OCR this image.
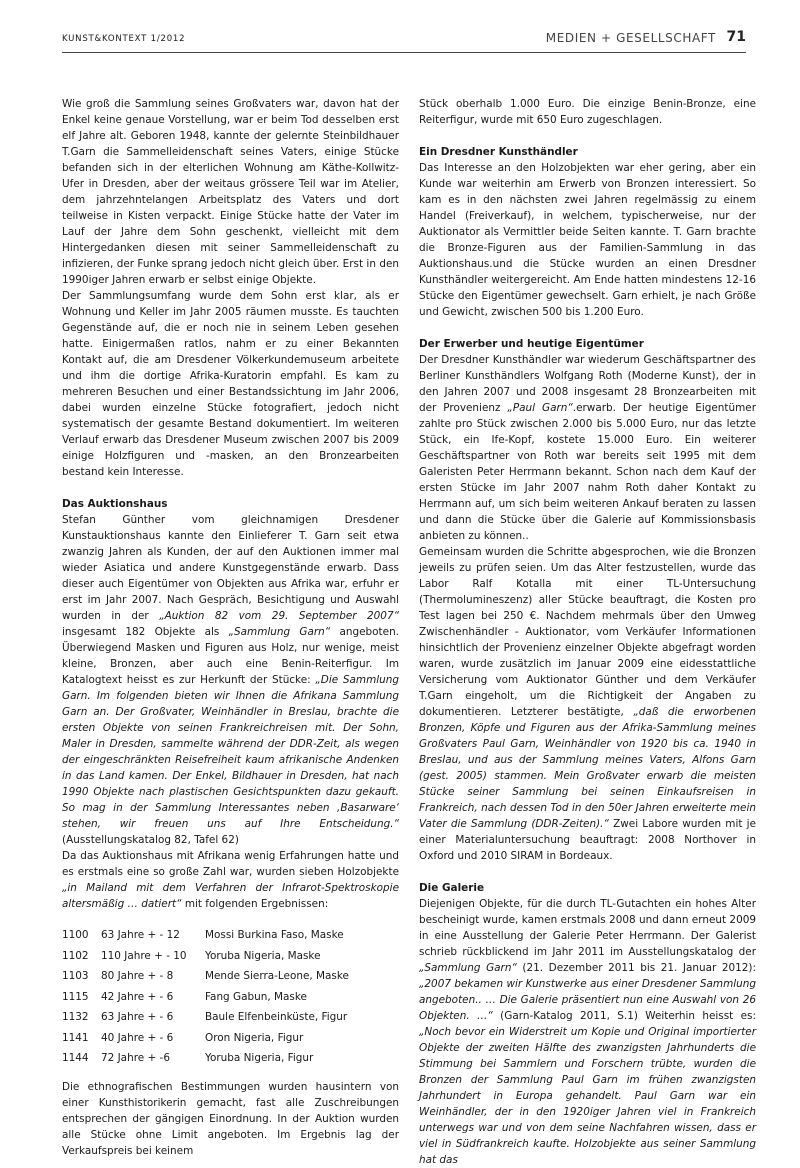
KUNST&KONTEXT 1/2012	MEDIEN + GESELLSCHAFT 71

Wie groß die Sammlung seines Großvaters war, davon hat der Enkel keine genaue Vorstellung, war er beim Tod desselben erst elf Jahre alt. Geboren 1948, kannte der gelernte Steinbildhauer T.Garn die Sammelleidenschaft seines Vaters, einige Stücke befanden sich in der elterlichen Wohnung am Käthe-Kollwitz-Ufer in Dresden, aber der weitaus grössere Teil war im Atelier, dem jahrzehntelangen Arbeitsplatz des Vaters und dort teilweise in Kisten verpackt. Einige Stücke hatte der Vater im Lauf der Jahre dem Sohn geschenkt, vielleicht mit dem Hintergedanken diesen mit seiner Sammelleidenschaft zu infizieren, der Funke sprang jedoch nicht gleich über. Erst in den 1990iger Jahren erwarb er selbst einige Objekte.

Der Sammlungsumfang wurde dem Sohn erst klar, als er Wohnung und Keller im Jahr 2005 räumen musste. Es tauchten Gegenstände auf, die er noch nie in seinem Leben gesehen hatte. Einigermaßen ratlos, nahm er zu einer Bekannten Kontakt auf, die am Dresdener Völkerkundemuseum arbeitete und ihm die dortige Afrika-Kuratorin empfahl. Es kam zu mehreren Besuchen und einer Bestandssichtung im Jahr 2006, dabei wurden einzelne Stücke fotografiert, jedoch nicht systematisch der gesamte Bestand dokumentiert. Im weiteren Verlauf erwarb das Dresdener Museum zwischen 2007 bis 2009 einige Holzfiguren und -masken, an den Bronzearbeiten bestand kein Interesse.

Das Auktionshaus

Stefan Günther vom gleichnamigen Dresdener Kunstauktionshaus kannte den Einlieferer T. Garn seit etwa zwanzig Jahren als Kunden, der auf den Auktionen immer mal wieder Asiatica und andere Kunstgegenstände erwarb. Dass dieser auch Eigentümer von Objekten aus Afrika war, erfuhr er erst im Jahr 2007. Nach Gespräch, Besichtigung und Auswahl wurden in der „Auktion 82 vom 29. September 2007“ insgesamt 182 Objekte als „Sammlung Garn“ angeboten. Überwiegend Masken und Figuren aus Holz, nur wenige, meist kleine, Bronzen, aber auch eine Benin-Reiterfigur. Im Katalogtext heisst es zur Herkunft der Stücke: „Die Sammlung Garn. Im folgenden bieten wir Ihnen die Afrikana Sammlung Garn an. Der Großvater, Weinhändler in Breslau, brachte die ersten Objekte von seinen Frankreichreisen mit. Der Sohn, Maler in Dresden, sammelte während der DDR-Zeit, als wegen der eingeschränkten Reisefreiheit kaum afrikanische Andenken in das Land kamen. Der Enkel, Bildhauer in Dresden, hat nach 1990 Objekte nach plastischen Gesichtspunkten dazu gekauft. So mag in der Sammlung Interessantes neben ‚Basarware‘ stehen, wir freuen uns auf Ihre Entscheidung.“ (Ausstellungskatalog 82, Tafel 62)

Da das Auktionshaus mit Afrikana wenig Erfahrungen hatte und es erstmals eine so große Zahl war, wurden sieben Holzobjekte „in Mailand mit dem Verfahren der Infrarot-Spektroskopie altersmäßig … datiert“ mit folgenden Ergebnissen:

1100	63 Jahre + - 12	Mossi Burkina Faso, Maske
1102	110 Jahre + - 10	Yoruba Nigeria, Maske
1103	80 Jahre + - 8	Mende Sierra-Leone, Maske
1115	42 Jahre + - 6	Fang Gabun, Maske
1132	63 Jahre + - 6	Baule Elfenbeinküste, Figur
1141	40 Jahre + - 6	Oron Nigeria, Figur
1144	72 Jahre + -6	Yoruba Nigeria, Figur

Die ethnografischen Bestimmungen wurden hausintern von einer Kunsthistorikerin gemacht, fast alle Zuschreibungen entsprechen der gängigen Einordnung. In der Auktion wurden alle Stücke ohne Limit angeboten. Im Ergebnis lag der Verkaufspreis bei keinem

Stück oberhalb 1.000 Euro. Die einzige Benin-Bronze, eine Reiterfigur, wurde mit 650 Euro zugeschlagen.

Ein Dresdner Kunsthändler

Das Interesse an den Holzobjekten war eher gering, aber ein Kunde war weiterhin am Erwerb von Bronzen interessiert. So kam es in den nächsten zwei Jahren regelmässig zu einem Handel (Freiverkauf), in welchem, typischerweise, nur der Auktionator als Vermittler beide Seiten kannte. T. Garn brachte die Bronze-Figuren aus der Familien-Sammlung in das Auktionshaus.und die Stücke wurden an einen Dresdner Kunsthändler weitergereicht. Am Ende hatten mindestens 12-16 Stücke den Eigentümer gewechselt. Garn erhielt, je nach Größe und Gewicht, zwischen 500 bis 1.200 Euro.

Der Erwerber und heutige Eigentümer

Der Dresdner Kunsthändler war wiederum Geschäftspartner des Berliner Kunsthändlers Wolfgang Roth (Moderne Kunst), der in den Jahren 2007 und 2008 insgesamt 28 Bronzearbeiten mit der Provenienz „Paul Garn“.erwarb. Der heutige Eigentümer zahlte pro Stück zwischen 2.000 bis 5.000 Euro, nur das letzte Stück, ein Ife-Kopf, kostete 15.000 Euro. Ein weiterer Geschäftspartner von Roth war bereits seit 1995 mit dem Galeristen Peter Herrmann bekannt. Schon nach dem Kauf der ersten Stücke im Jahr 2007 nahm Roth daher Kontakt zu Herrmann auf, um sich beim weiteren Ankauf beraten zu lassen und dann die Stücke über die Galerie auf Kommissionsbasis anbieten zu können..

Gemeinsam wurden die Schritte abgesprochen, wie die Bronzen jeweils zu prüfen seien. Um das Alter festzustellen, wurde das Labor Ralf Kotalla mit einer TL-Untersuchung (Thermolumineszenz) aller Stücke beauftragt, die Kosten pro Test lagen bei 250 €. Nachdem mehrmals über den Umweg Zwischenhändler - Auktionator, vom Verkäufer Informationen hinsichtlich der Provenienz einzelner Objekte abgefragt worden waren, wurde zusätzlich im Januar 2009 eine eidesstattliche Versicherung vom Auktionator Günther und dem Verkäufer T.Garn eingeholt, um die Richtigkeit der Angaben zu dokumentieren. Letzterer bestätigte, „daß die erworbenen Bronzen, Köpfe und Figuren aus der Afrika-Sammlung meines Großvaters Paul Garn, Weinhändler von 1920 bis ca. 1940 in Breslau, und aus der Sammlung meines Vaters, Alfons Garn (gest. 2005) stammen. Mein Großvater erwarb die meisten Stücke seiner Sammlung bei seinen Einkaufsreisen in Frankreich, nach dessen Tod in den 50er Jahren erweiterte mein Vater die Sammlung (DDR-Zeiten).“ Zwei Labore wurden mit je einer Materialuntersuchung beauftragt: 2008 Northover in Oxford und 2010 SIRAM in Bordeaux.

Die Galerie

Diejenigen Objekte, für die durch TL-Gutachten ein hohes Alter bescheinigt wurde, kamen erstmals 2008 und dann erneut 2009 in eine Ausstellung der Galerie Peter Herrmann. Der Galerist schrieb rückblickend im Jahr 2011 im Ausstellungskatalog der „Sammlung Garn“ (21. Dezember 2011 bis 21. Januar 2012):„2007 bekamen wir Kunstwerke aus einer Dresdener Sammlung angeboten.. … Die Galerie präsentiert nun eine Auswahl von 26 Objekten. …“ (Garn-Katalog 2011, S.1) Weiterhin heisst es: „Noch bevor ein Widerstreit um Kopie und Original importierter Objekte der zweiten Hälfte des zwanzigsten Jahrhunderts die Stimmung bei Sammlern und Forschern trübte, wurden die Bronzen der Sammlung Paul Garn im frühen zwanzigsten Jahrhundert in Europa gehandelt. Paul Garn war ein Weinhändler, der in den 1920iger Jahren viel in Frankreich unterwegs war und von dem seine Nachfahren wissen, dass er viel in Südfrankreich kaufte. Holzobjekte aus seiner Sammlung hat das
